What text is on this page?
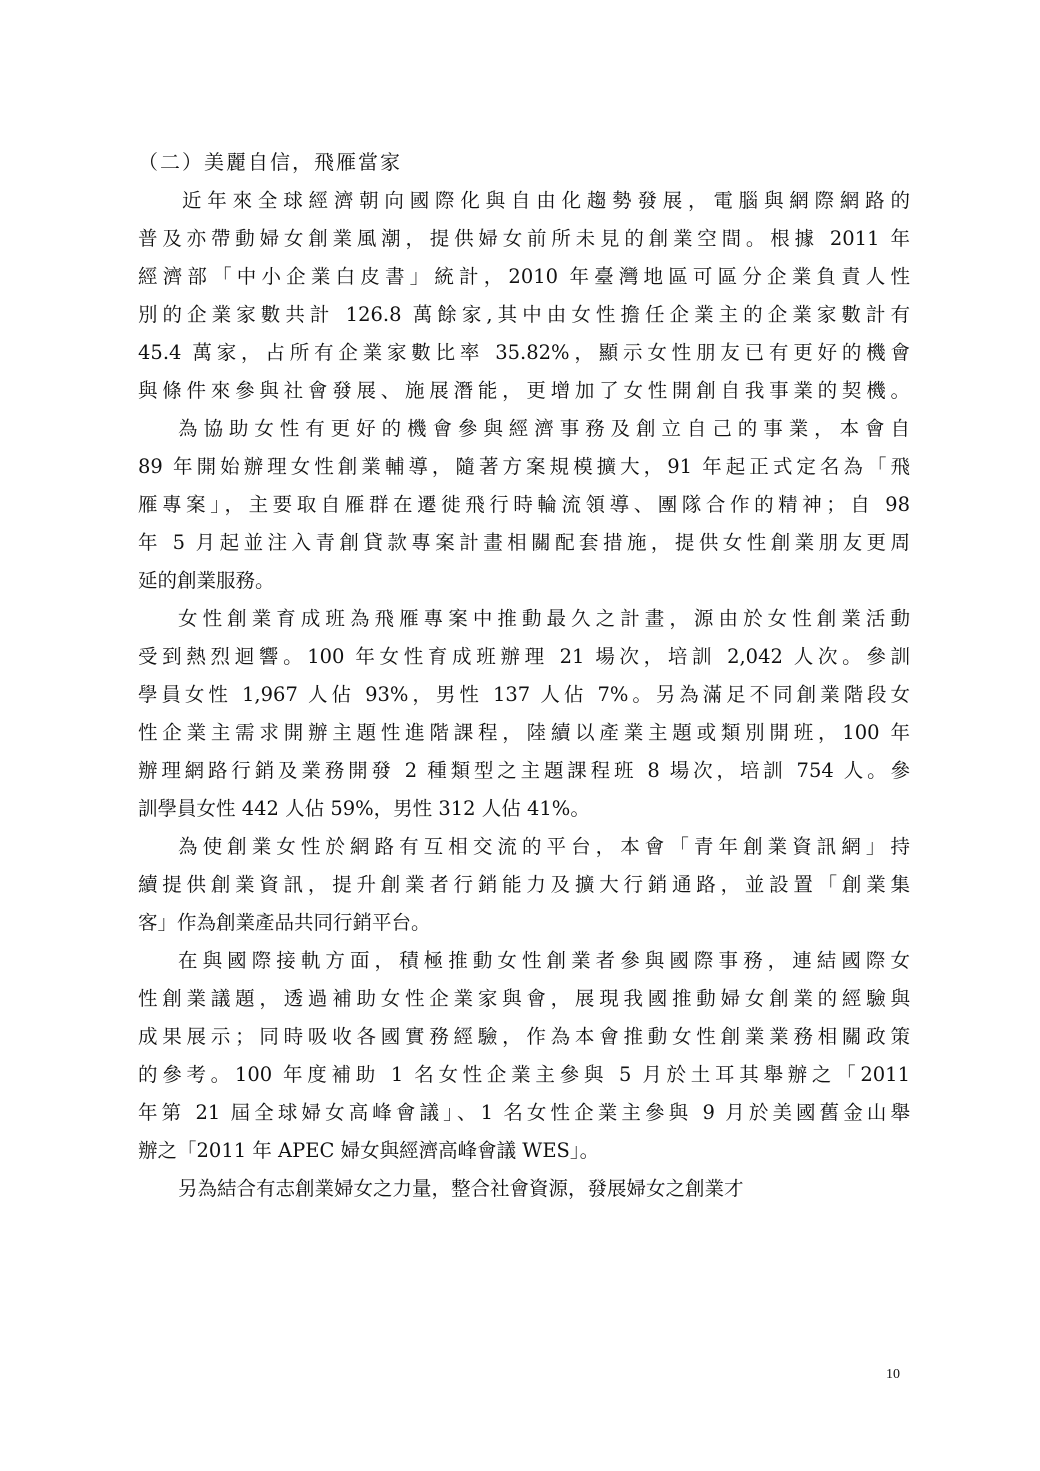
（二）美麗自信，飛雁當家
近年來全球經濟朝向國際化與自由化趨勢發展，電腦與網際網路的
普及亦帶動婦女創業風潮，提供婦女前所未見的創業空間。根據 2011 年
經濟部「中小企業白皮書」統計，2010 年臺灣地區可區分企業負責人性
別的企業家數共計 126.8 萬餘家,其中由女性擔任企業主的企業家數計有
45.4 萬家，占所有企業家數比率 35.82%，顯示女性朋友已有更好的機會
與條件來參與社會發展、施展潛能，更增加了女性開創自我事業的契機。
為協助女性有更好的機會參與經濟事務及創立自己的事業，本會自
89 年開始辦理女性創業輔導，隨著方案規模擴大，91 年起正式定名為「飛
雁專案」，主要取自雁群在遷徙飛行時輪流領導、團隊合作的精神；自 98
年 5 月起並注入青創貸款專案計畫相關配套措施，提供女性創業朋友更周
延的創業服務。
女性創業育成班為飛雁專案中推動最久之計畫，源由於女性創業活動
受到熱烈迴響。100 年女性育成班辦理 21 場次，培訓 2,042 人次。參訓
學員女性 1,967 人佔 93%，男性 137 人佔 7%。另為滿足不同創業階段女
性企業主需求開辦主題性進階課程，陸續以產業主題或類別開班，100 年
辦理網路行銷及業務開發 2 種類型之主題課程班 8 場次，培訓 754 人。參
訓學員女性 442 人佔 59%，男性 312 人佔 41%。
為使創業女性於網路有互相交流的平台，本會「青年創業資訊網」持
續提供創業資訊，提升創業者行銷能力及擴大行銷通路，並設置「創業集
客」作為創業產品共同行銷平台。
在與國際接軌方面，積極推動女性創業者參與國際事務，連結國際女
性創業議題，透過補助女性企業家與會，展現我國推動婦女創業的經驗與
成果展示；同時吸收各國實務經驗，作為本會推動女性創業業務相關政策
的參考。100 年度補助 1 名女性企業主參與 5 月於土耳其舉辦之「2011
年第 21 屆全球婦女高峰會議」、1 名女性企業主參與 9 月於美國舊金山舉
辦之「2011 年 APEC 婦女與經濟高峰會議 WES」。
另為結合有志創業婦女之力量，整合社會資源，發展婦女之創業才
10
